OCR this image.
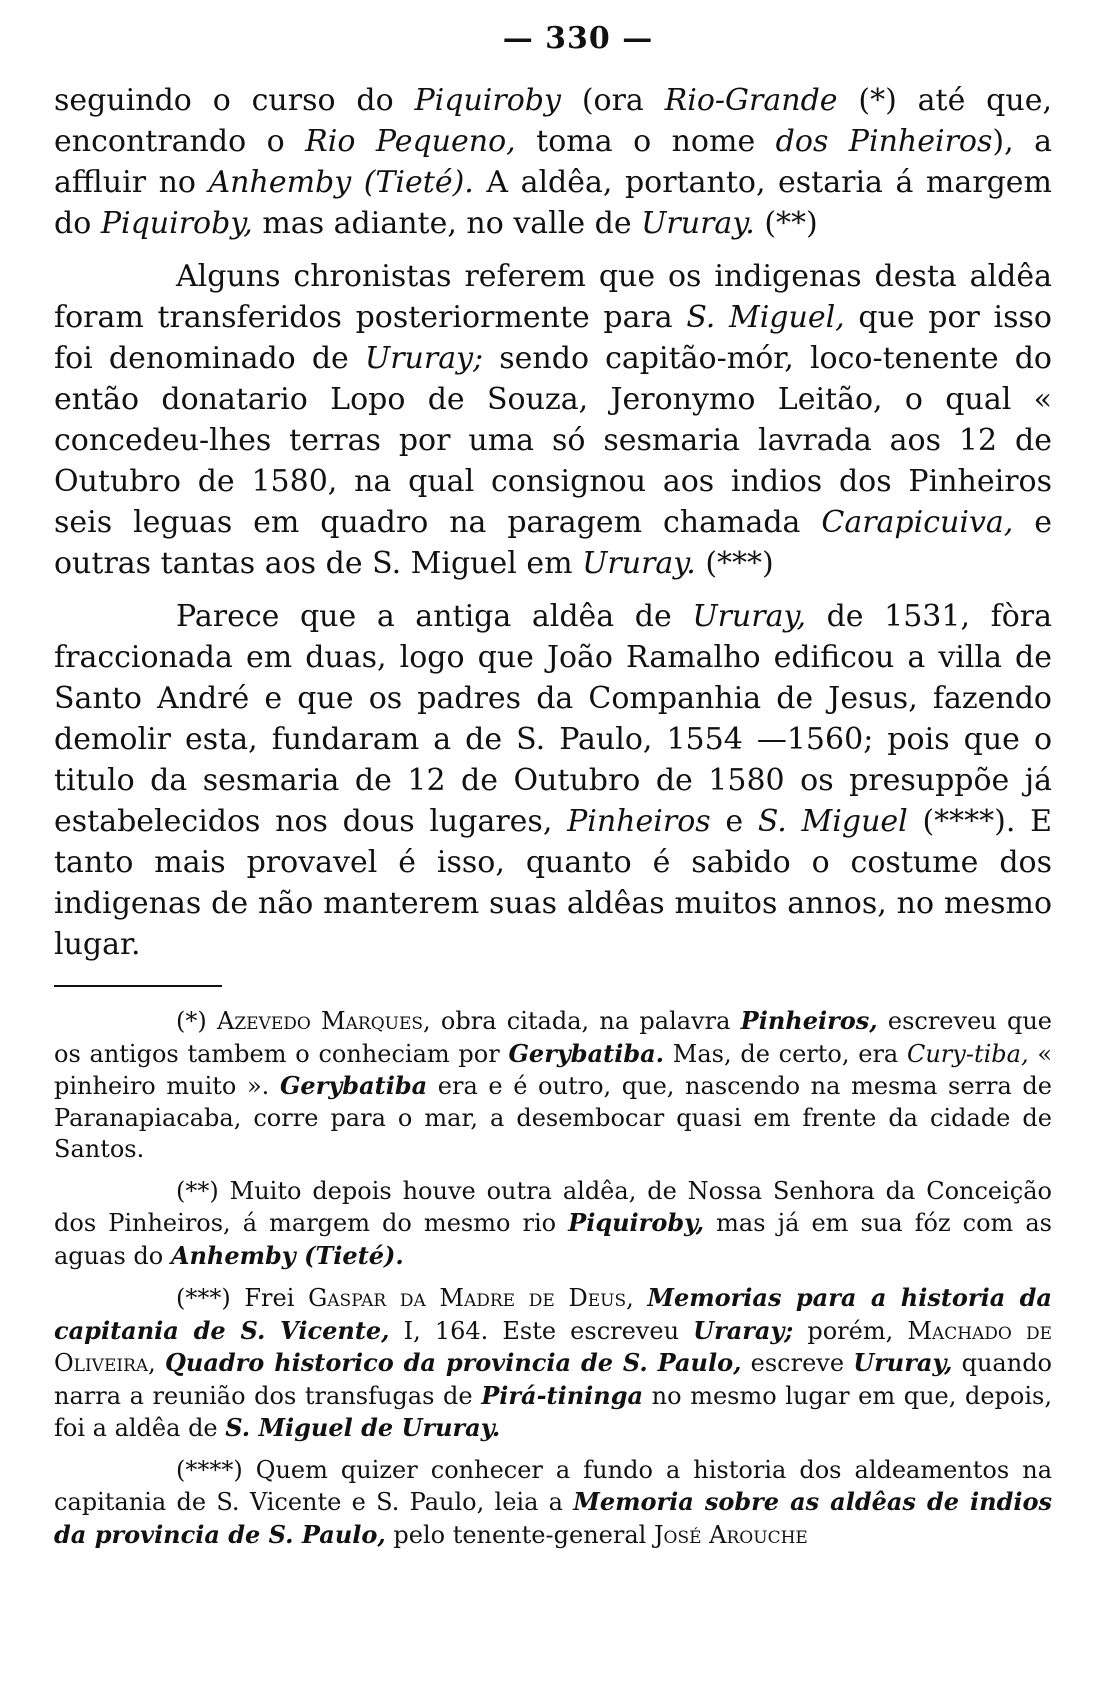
— 330 —

seguindo o curso do Piquiroby (ora Rio-Grande (*) até que, encontrando o Rio Pequeno, toma o nome dos Pinheiros), a affluir no Anhemby (Tieté). A aldêa, portanto, estaria á margem do Piquiroby, mas adiante, no valle de Ururay. (**)

Alguns chronistas referem que os indigenas desta aldêa foram transferidos posteriormente para S. Miguel, que por isso foi denominado de Ururay; sendo capitão-mór, loco-tenente do então donatario Lopo de Souza, Jeronymo Leitão, o qual « concedeu-lhes terras por uma só sesmaria lavrada aos 12 de Outubro de 1580, na qual consignou aos indios dos Pinheiros seis leguas em quadro na paragem chamada Carapicuiva, e outras tantas aos de S. Miguel em Ururay. (***)

Parece que a antiga aldêa de Ururay, de 1531, fòra fraccionada em duas, logo que João Ramalho edificou a villa de Santo André e que os padres da Companhia de Jesus, fazendo demolir esta, fundaram a de S. Paulo, 1554 —1560; pois que o titulo da sesmaria de 12 de Outubro de 1580 os presuppõe já estabelecidos nos dous lugares, Pinheiros e S. Miguel (****). E tanto mais provavel é isso, quanto é sabido o costume dos indigenas de não manterem suas aldêas muitos annos, no mesmo lugar.

(*) Azevedo Marques, obra citada, na palavra Pinheiros, escreveu que os antigos tambem o conheciam por Gerybatiba. Mas, de certo, era Cury-tiba, « pinheiro muito ». Gerybatiba era e é outro, que, nascendo na mesma serra de Paranapiacaba, corre para o mar, a desembocar quasi em frente da cidade de Santos.

(**) Muito depois houve outra aldêa, de Nossa Senhora da Conceição dos Pinheiros, á margem do mesmo rio Piquiroby, mas já em sua fóz com as aguas do Anhemby (Tieté).

(***) Frei Gaspar da Madre de Deus, Memorias para a historia da capitania de S. Vicente, I, 164. Este escreveu Uraray; porém, Machado de Oliveira, Quadro historico da provincia de S. Paulo, escreve Ururay, quando narra a reunião dos transfugas de Pirá-tininga no mesmo lugar em que, depois, foi a aldêa de S. Miguel de Ururay.

(****) Quem quizer conhecer a fundo a historia dos aldeamentos na capitania de S. Vicente e S. Paulo, leia a Memoria sobre as aldêas de indios da provincia de S. Paulo, pelo tenente-general José Arouche
